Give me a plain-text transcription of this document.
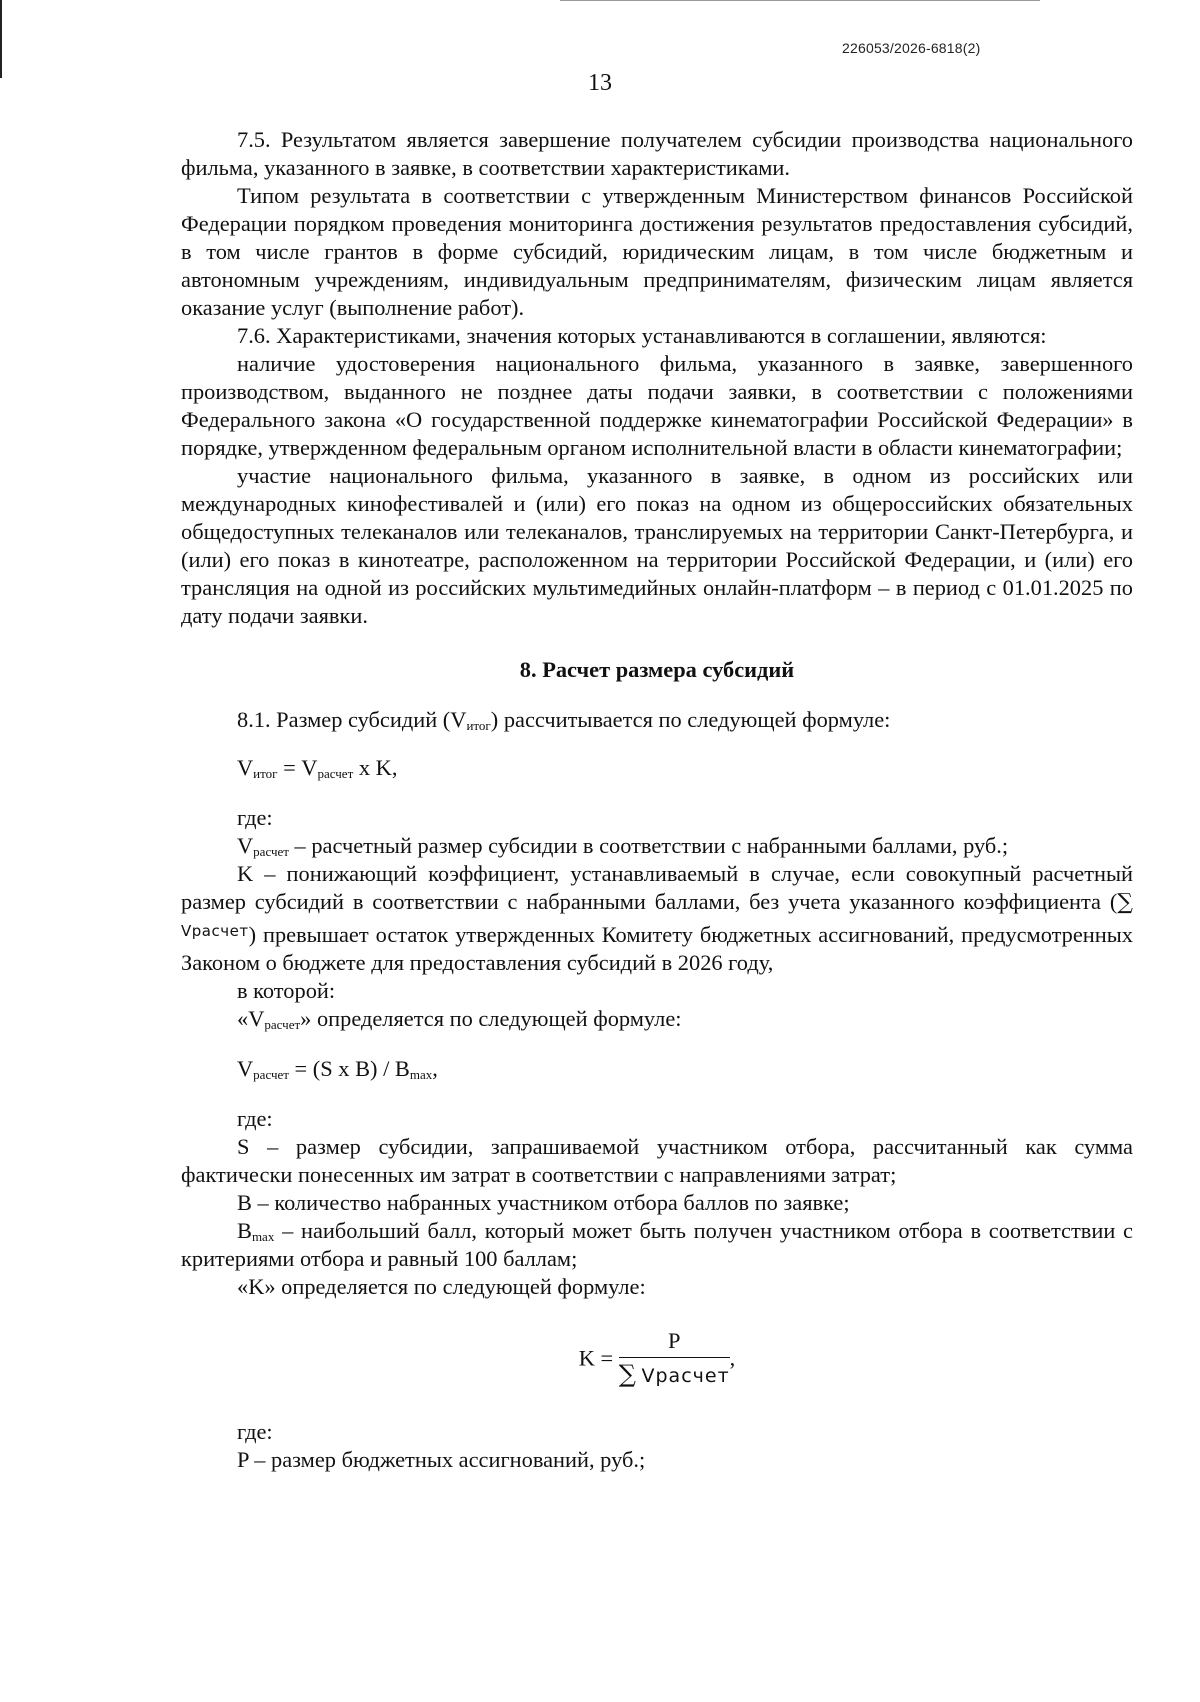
226053/2026-6818(2)
13

7.5. Результатом является завершение получателем субсидии производства национального фильма, указанного в заявке, в соответствии характеристиками.

Типом результата в соответствии с утвержденным Министерством финансов Российской Федерации порядком проведения мониторинга достижения результатов предоставления субсидий, в том числе грантов в форме субсидий, юридическим лицам, в том числе бюджетным и автономным учреждениям, индивидуальным предпринимателям, физическим лицам является оказание услуг (выполнение работ).

7.6. Характеристиками, значения которых устанавливаются в соглашении, являются:

наличие удостоверения национального фильма, указанного в заявке, завершенного производством, выданного не позднее даты подачи заявки, в соответствии с положениями Федерального закона «О государственной поддержке кинематографии Российской Федерации» в порядке, утвержденном федеральным органом исполнительной власти в области кинематографии;

участие национального фильма, указанного в заявке, в одном из российских или международных кинофестивалей и (или) его показ на одном из общероссийских обязательных общедоступных телеканалов или телеканалов, транслируемых на территории Санкт-Петербурга, и (или) его показ в кинотеатре, расположенном на территории Российской Федерации, и (или) его трансляция на одной из российских мультимедийных онлайн-платформ – в период с 01.01.2025 по дату подачи заявки.

8. Расчет размера субсидий

8.1. Размер субсидий $(V_{итог})$ рассчитывается по следующей формуле:

$V_{итог} = V_{расчет}$ x K,

где:

$V_{расчет}$ – расчетный размер субсидии в соответствии с набранными баллами, руб.;

K – понижающий коэффициент, устанавливаемый в случае, если совокупный расчетный размер субсидий в соответствии с набранными баллами, без учета указанного коэффициента (∑ $^{Vрасчет}$) превышает остаток утвержденных Комитету бюджетных ассигнований, предусмотренных Законом о бюджете для предоставления субсидий в 2026 году,

в которой:

«$V_{расчет}$» определяется по следующей формуле:

$V_{расчет} = (S$ x $B) / B_{max}$,

где:

S – размер субсидии, запрашиваемой участником отбора, рассчитанный как сумма фактически понесенных им затрат в соответствии с направлениями затрат;

B – количество набранных участником отбора баллов по заявке;

$B_{max}$ – наибольший балл, который может быть получен участником отбора в соответствии с критериями отбора и равный 100 баллам;

«K» определяется по следующей формуле:

$K = \frac{P}{\text{∑ Vрасчет}}$ ,

где:

P – размер бюджетных ассигнований, руб.;
